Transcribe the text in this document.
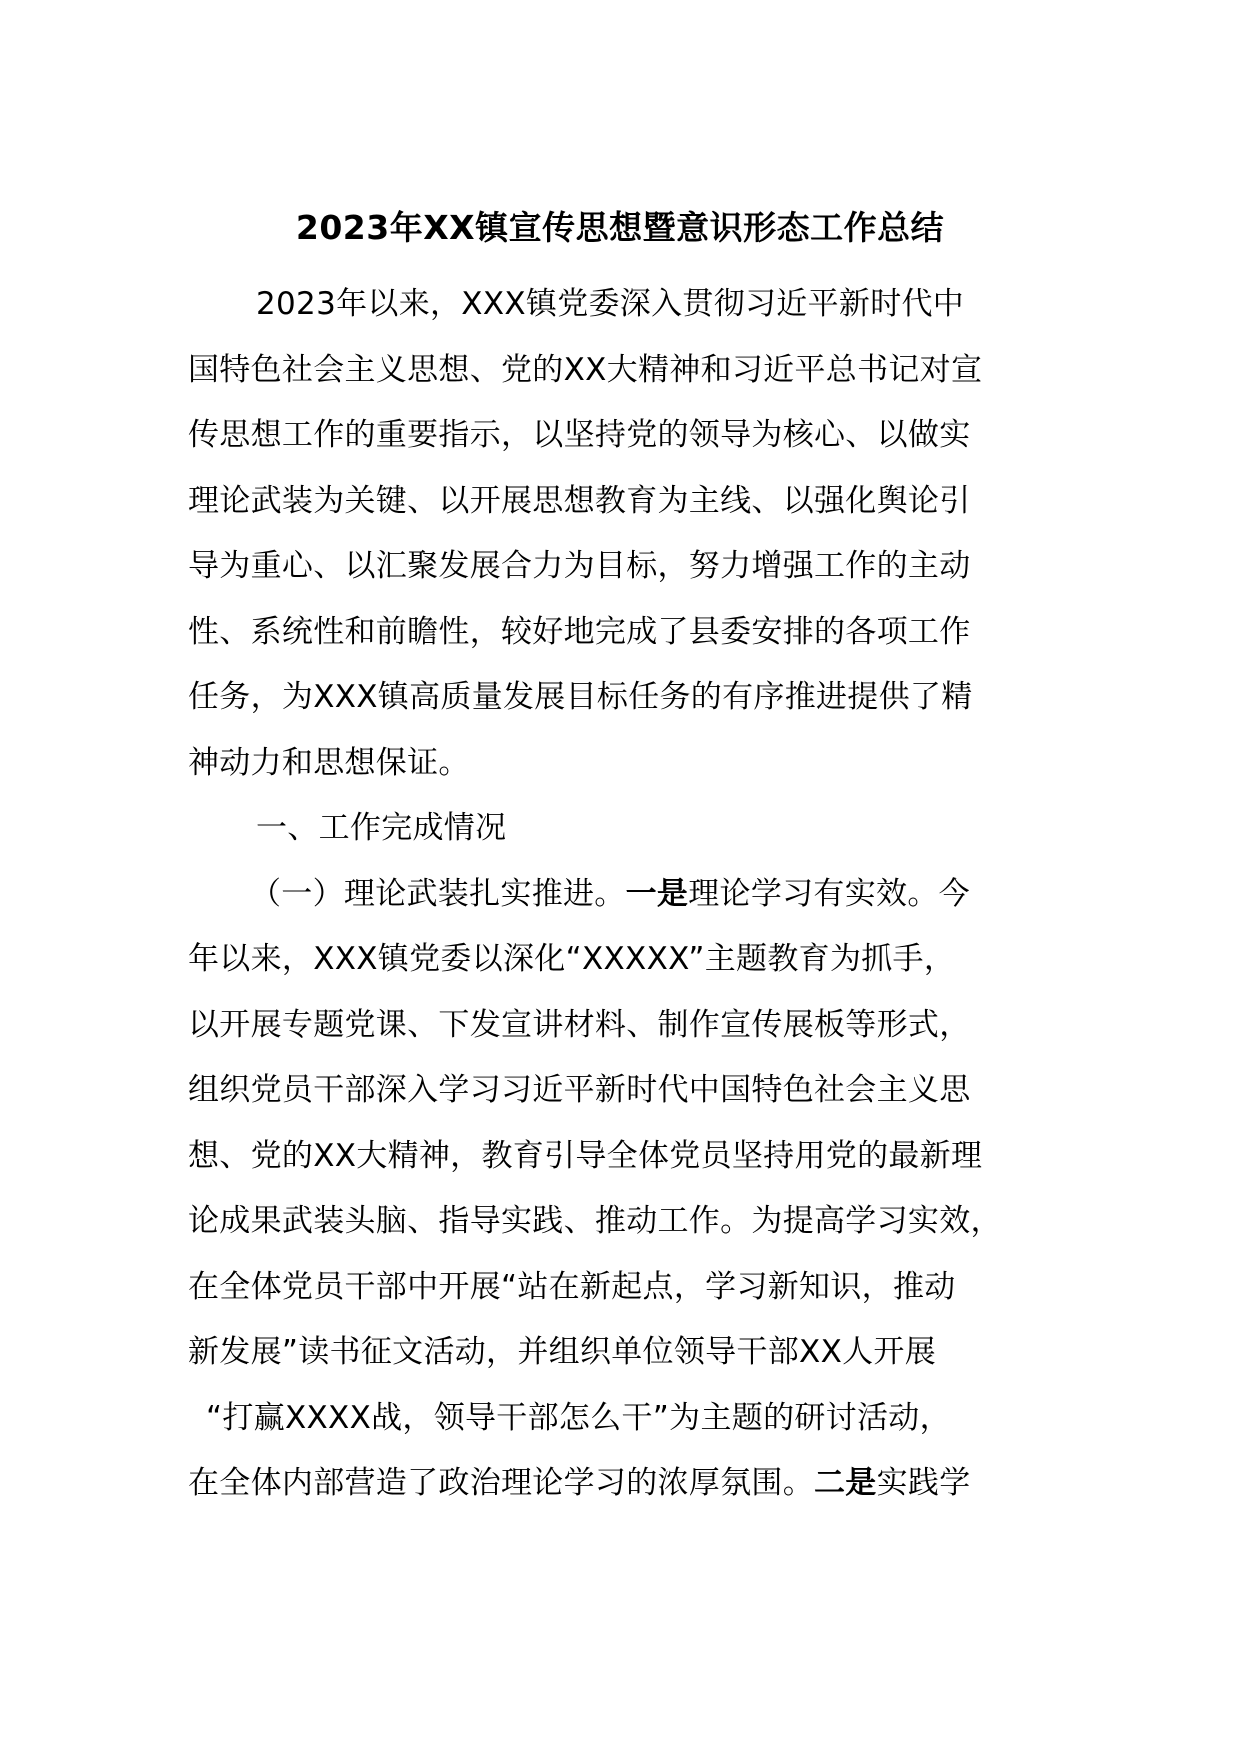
2023年XX镇宣传思想暨意识形态工作总结
2023年以来，XXX镇党委深入贯彻习近平新时代中
国特色社会主义思想、党的XX大精神和习近平总书记对宣
传思想工作的重要指示，以坚持党的领导为核心、以做实
理论武装为关键、以开展思想教育为主线、以强化舆论引
导为重心、以汇聚发展合力为目标，努力增强工作的主动
性、系统性和前瞻性，较好地完成了县委安排的各项工作
任务，为XXX镇高质量发展目标任务的有序推进提供了精
神动力和思想保证。
一、工作完成情况
（一）理论武装扎实推进。一是理论学习有实效。今
年以来，XXX镇党委以深化“XXXXX”主题教育为抓手，
以开展专题党课、下发宣讲材料、制作宣传展板等形式，
组织党员干部深入学习习近平新时代中国特色社会主义思
想、党的XX大精神，教育引导全体党员坚持用党的最新理
论成果武装头脑、指导实践、推动工作。为提高学习实效，
在全体党员干部中开展“站在新起点，学习新知识，推动
新发展”读书征文活动，并组织单位领导干部XX人开展
“打赢XXXX战，领导干部怎么干”为主题的研讨活动，
在全体内部营造了政治理论学习的浓厚氛围。二是实践学
